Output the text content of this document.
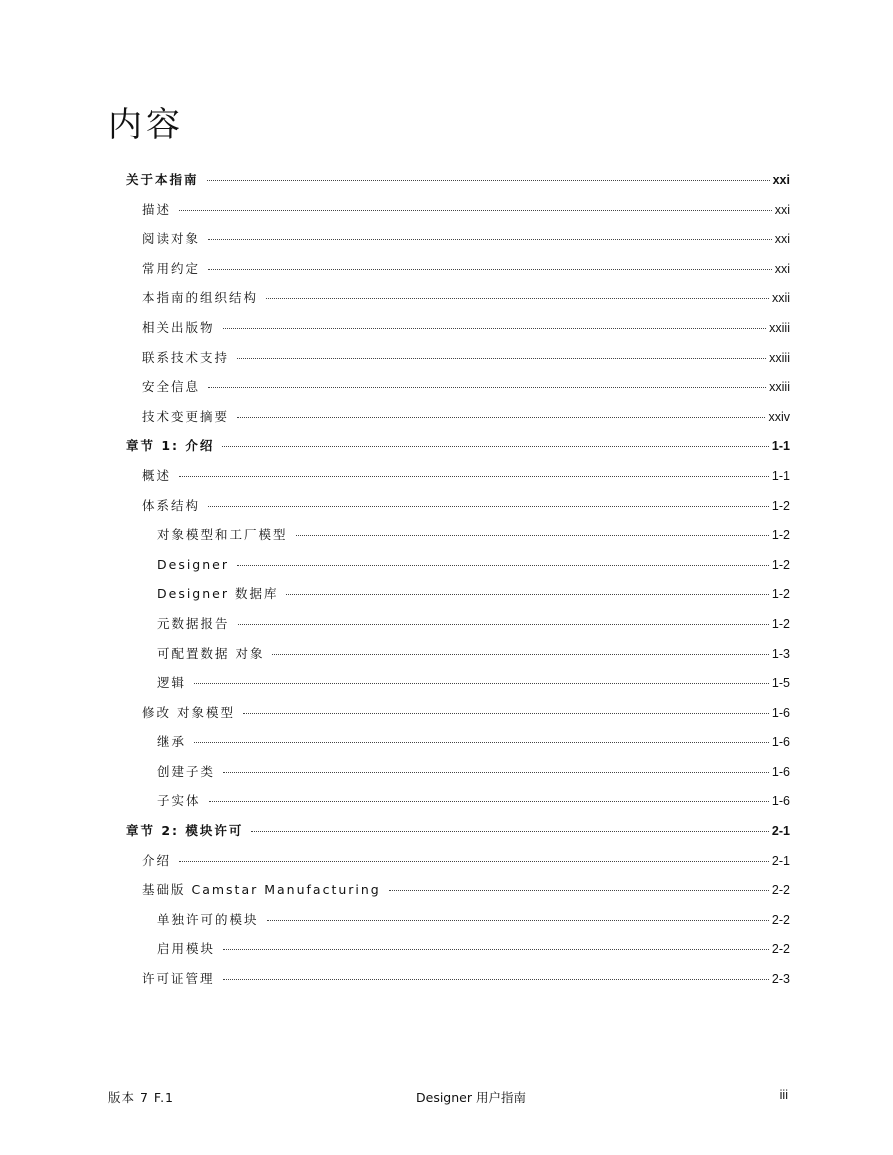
内容
关于本指南	xxi
描述	xxi
阅读对象	xxi
常用约定	xxi
本指南的组织结构	xxii
相关出版物	xxiii
联系技术支持	xxiii
安全信息	xxiii
技术变更摘要	xxiv
章节 1: 介绍	1-1
概述	1-1
体系结构	1-2
对象模型和工厂模型	1-2
Designer	1-2
Designer 数据库	1-2
元数据报告	1-2
可配置数据 对象	1-3
逻辑	1-5
修改 对象模型	1-6
继承	1-6
创建子类	1-6
子实体	1-6
章节 2: 模块许可	2-1
介绍	2-1
基础版 Camstar Manufacturing	2-2
单独许可的模块	2-2
启用模块	2-2
许可证管理	2-3
版本 7 F.1	Designer 用户指南	iii
